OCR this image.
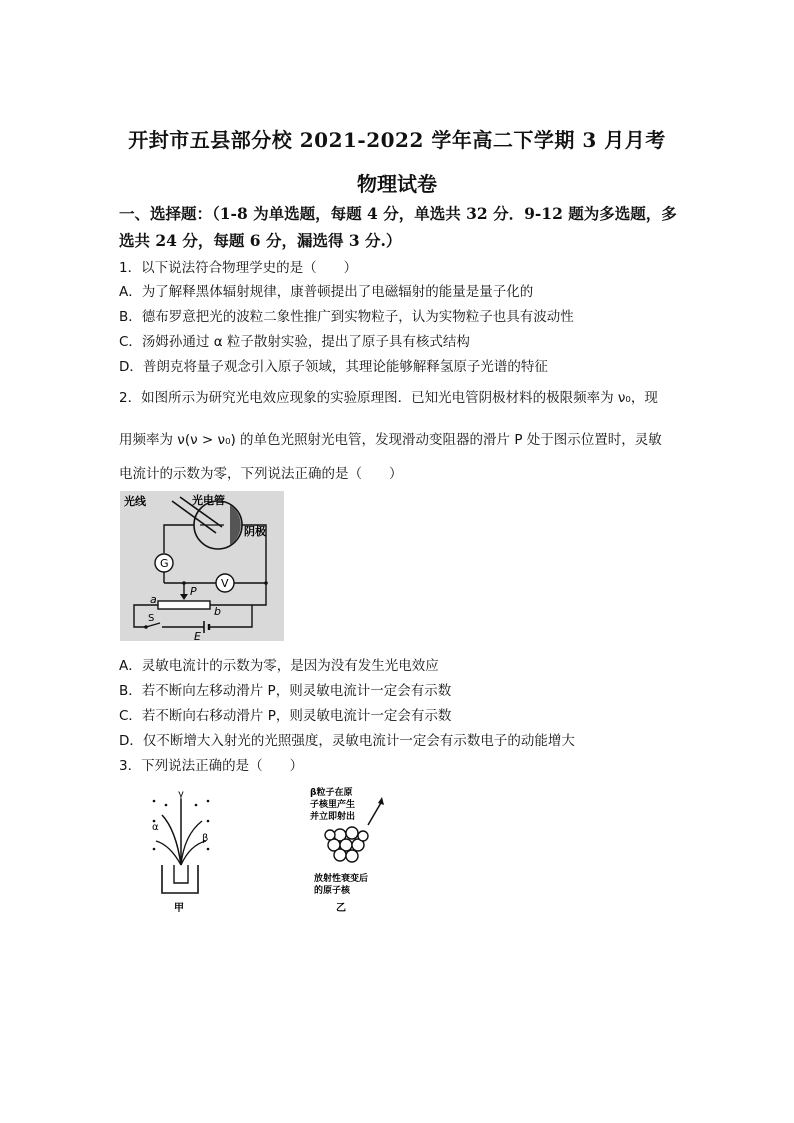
开封市五县部分校 2021-2022 学年高二下学期 3 月月考
物理试卷
一、选择题：（1-8 为单选题，每题 4 分，单选共 32 分．9-12 题为多选题，多
选共 24 分，每题 6 分，漏选得 3 分.）
1．以下说法符合物理学史的是（　　）
A．为了解释黑体辐射规律，康普顿提出了电磁辐射的能量是量子化的
B．德布罗意把光的波粒二象性推广到实物粒子，认为实物粒子也具有波动性
C．汤姆孙通过 α 粒子散射实验，提出了原子具有核式结构
D．普朗克将量子观念引入原子领域，其理论能够解释氢原子光谱的特征
2．如图所示为研究光电效应现象的实验原理图．已知光电管阴极材料的极限频率为 ν₀，现
用频率为 ν(ν > ν₀) 的单色光照射光电管，发现滑动变阻器的滑片 P 处于图示位置时，灵敏
电流计的示数为零，下列说法正确的是（　　）
光线	光电管
阴极
G
V
P
a
b
S
E
A．灵敏电流计的示数为零，是因为没有发生光电效应
B．若不断向左移动滑片 P，则灵敏电流计一定会有示数
C．若不断向右移动滑片 P，则灵敏电流计一定会有示数
D．仅不断增大入射光的光照强度，灵敏电流计一定会有示数电子的动能增大
3．下列说法正确的是（　　）
γ
α
β
甲
β粒子在原
子核里产生
并立即射出
放射性衰变后
的原子核
乙
